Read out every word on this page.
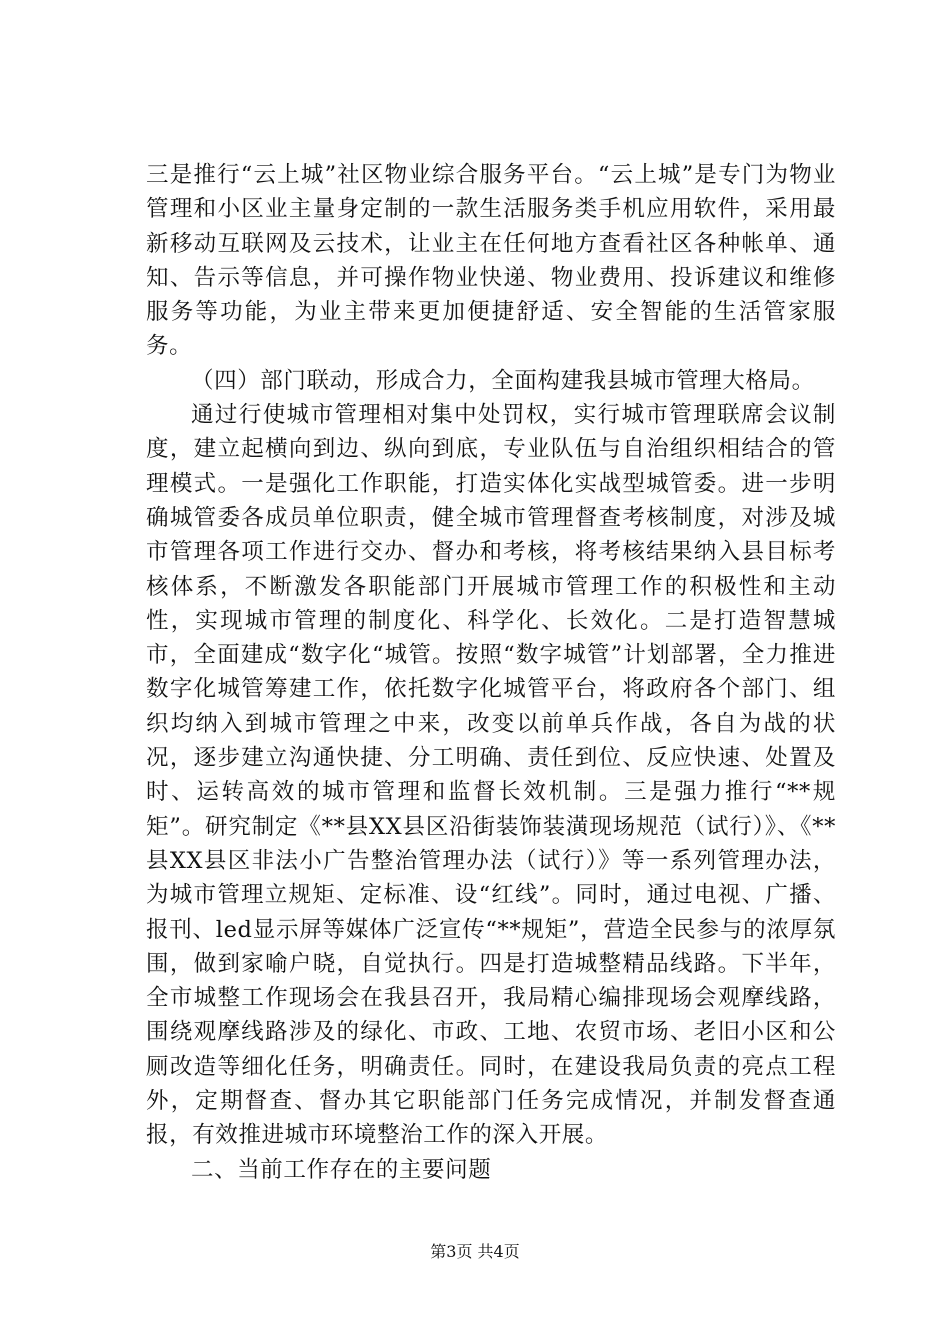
三是推行“云上城”社区物业综合服务平台。“云上城”是专门为物业管理和小区业主量身定制的一款生活服务类手机应用软件，采用最新移动互联网及云技术，让业主在任何地方查看社区各种帐单、通知、告示等信息，并可操作物业快递、物业费用、投诉建议和维修服务等功能，为业主带来更加便捷舒适、安全智能的生活管家服务。

（四）部门联动，形成合力，全面构建我县城市管理大格局。

通过行使城市管理相对集中处罚权，实行城市管理联席会议制度，建立起横向到边、纵向到底，专业队伍与自治组织相结合的管理模式。一是强化工作职能，打造实体化实战型城管委。进一步明确城管委各成员单位职责，健全城市管理督查考核制度，对涉及城市管理各项工作进行交办、督办和考核，将考核结果纳入县目标考核体系，不断激发各职能部门开展城市管理工作的积极性和主动性，实现城市管理的制度化、科学化、长效化。二是打造智慧城市，全面建成“数字化“城管。按照“数字城管”计划部署，全力推进数字化城管筹建工作，依托数字化城管平台，将政府各个部门、组织均纳入到城市管理之中来，改变以前单兵作战，各自为战的状况，逐步建立沟通快捷、分工明确、责任到位、反应快速、处置及时、运转高效的城市管理和监督长效机制。三是强力推行“**规矩”。研究制定《**县XX县区沿街装饰装潢现场规范（试行）》、《**县XX县区非法小广告整治管理办法（试行）》等一系列管理办法，为城市管理立规矩、定标准、设“红线”。同时，通过电视、广播、报刊、led显示屏等媒体广泛宣传“**规矩”，营造全民参与的浓厚氛围，做到家喻户晓，自觉执行。四是打造城整精品线路。下半年，全市城整工作现场会在我县召开，我局精心编排现场会观摩线路，围绕观摩线路涉及的绿化、市政、工地、农贸市场、老旧小区和公厕改造等细化任务，明确责任。同时，在建设我局负责的亮点工程外，定期督查、督办其它职能部门任务完成情况，并制发督查通报，有效推进城市环境整治工作的深入开展。

二、当前工作存在的主要问题

第3页 共4页
